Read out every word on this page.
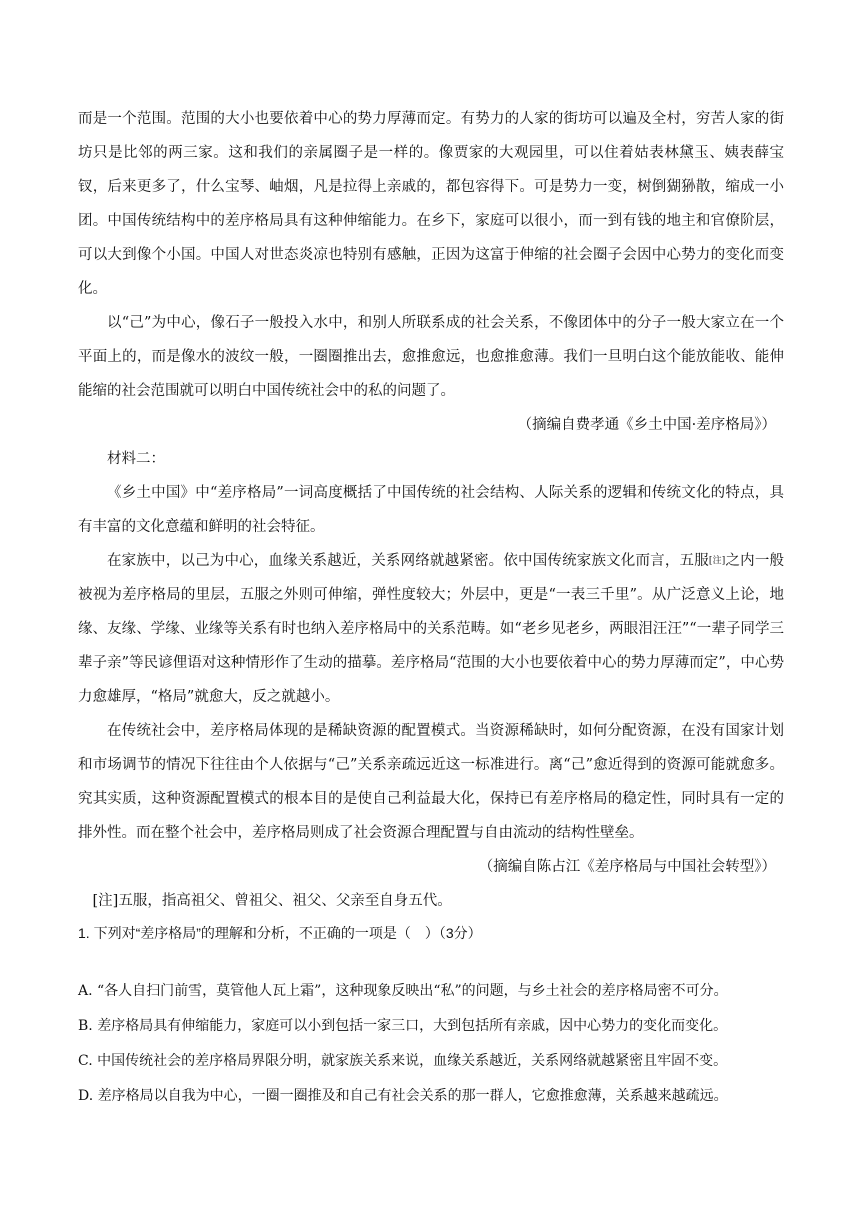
而是一个范围。范围的大小也要依着中心的势力厚薄而定。有势力的人家的街坊可以遍及全村，穷苦人家的街坊只是比邻的两三家。这和我们的亲属圈子是一样的。像贾家的大观园里，可以住着姑表林黛玉、姨表薛宝钗，后来更多了，什么宝琴、岫烟，凡是拉得上亲戚的，都包容得下。可是势力一变，树倒猢狲散，缩成一小团。中国传统结构中的差序格局具有这种伸缩能力。在乡下，家庭可以很小，而一到有钱的地主和官僚阶层，可以大到像个小国。中国人对世态炎凉也特别有感触，正因为这富于伸缩的社会圈子会因中心势力的变化而变化。

以“己”为中心，像石子一般投入水中，和别人所联系成的社会关系，不像团体中的分子一般大家立在一个平面上的，而是像水的波纹一般，一圈圈推出去，愈推愈远，也愈推愈薄。我们一旦明白这个能放能收、能伸能缩的社会范围就可以明白中国传统社会中的私的问题了。

（摘编自费孝通《乡土中国·差序格局》）

材料二：

《乡土中国》中“差序格局”一词高度概括了中国传统的社会结构、人际关系的逻辑和传统文化的特点，具有丰富的文化意蕴和鲜明的社会特征。

在家族中，以己为中心，血缘关系越近，关系网络就越紧密。依中国传统家族文化而言，五服[注]之内一般被视为差序格局的里层，五服之外则可伸缩，弹性度较大；外层中，更是“一表三千里”。从广泛意义上论，地缘、友缘、学缘、业缘等关系有时也纳入差序格局中的关系范畴。如“老乡见老乡，两眼泪汪汪”“一辈子同学三辈子亲”等民谚俚语对这种情形作了生动的描摹。差序格局“范围的大小也要依着中心的势力厚薄而定”，中心势力愈雄厚，“格局”就愈大，反之就越小。

在传统社会中，差序格局体现的是稀缺资源的配置模式。当资源稀缺时，如何分配资源，在没有国家计划和市场调节的情况下往往由个人依据与“己”关系亲疏远近这一标准进行。离“己”愈近得到的资源可能就愈多。究其实质，这种资源配置模式的根本目的是使自己利益最大化，保持已有差序格局的稳定性，同时具有一定的排外性。而在整个社会中，差序格局则成了社会资源合理配置与自由流动的结构性壁垒。

（摘编自陈占江《差序格局与中国社会转型》）

[注]五服，指高祖父、曾祖父、祖父、父亲至自身五代。

1. 下列对“差序格局”的理解和分析，不正确的一项是（　）（3分）

A. “各人自扫门前雪，莫管他人瓦上霜”，这种现象反映出“私”的问题，与乡土社会的差序格局密不可分。

B. 差序格局具有伸缩能力，家庭可以小到包括一家三口，大到包括所有亲戚，因中心势力的变化而变化。

C. 中国传统社会的差序格局界限分明，就家族关系来说，血缘关系越近，关系网络就越紧密且牢固不变。

D. 差序格局以自我为中心，一圈一圈推及和自己有社会关系的那一群人，它愈推愈薄，关系越来越疏远。
